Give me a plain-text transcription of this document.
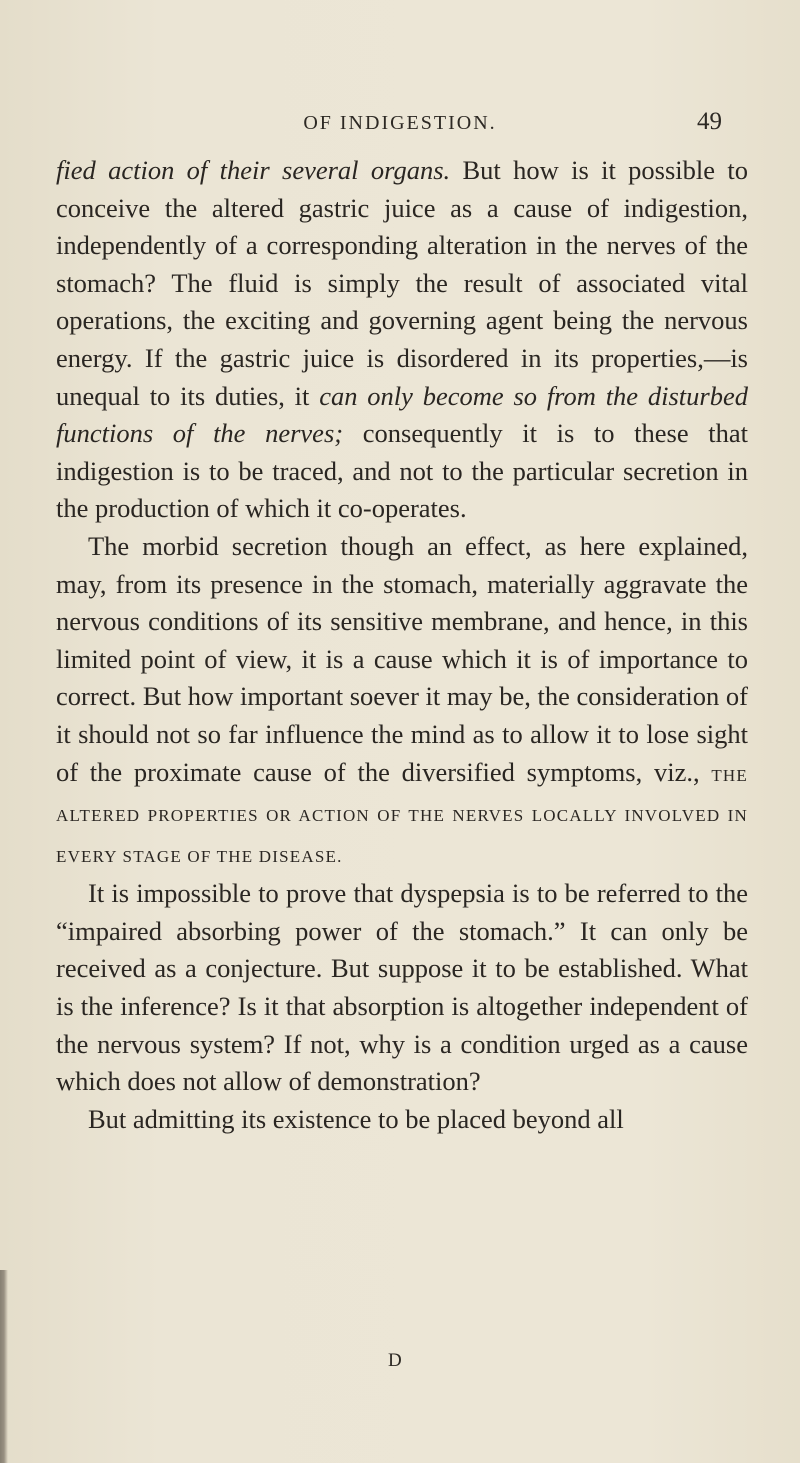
OF INDIGESTION.	49

fied action of their several organs. But how is it possible to conceive the altered gastric juice as a cause of indigestion, independently of a corresponding alteration in the nerves of the stomach? The fluid is simply the result of associated vital operations, the exciting and governing agent being the nervous energy. If the gastric juice is disordered in its properties,—is unequal to its duties, it can only become so from the disturbed functions of the nerves; consequently it is to these that indigestion is to be traced, and not to the particular secretion in the production of which it co-operates.

The morbid secretion though an effect, as here explained, may, from its presence in the stomach, materially aggravate the nervous conditions of its sensitive membrane, and hence, in this limited point of view, it is a cause which it is of importance to correct. But how important soever it may be, the consideration of it should not so far influence the mind as to allow it to lose sight of the proximate cause of the diversified symptoms, viz., THE ALTERED PROPERTIES OR ACTION OF THE NERVES LOCALLY INVOLVED IN EVERY STAGE OF THE DISEASE.

It is impossible to prove that dyspepsia is to be referred to the “impaired absorbing power of the stomach.” It can only be received as a conjecture. But suppose it to be established. What is the inference? Is it that absorption is altogether independent of the nervous system? If not, why is a condition urged as a cause which does not allow of demonstration?

But admitting its existence to be placed beyond all

D
